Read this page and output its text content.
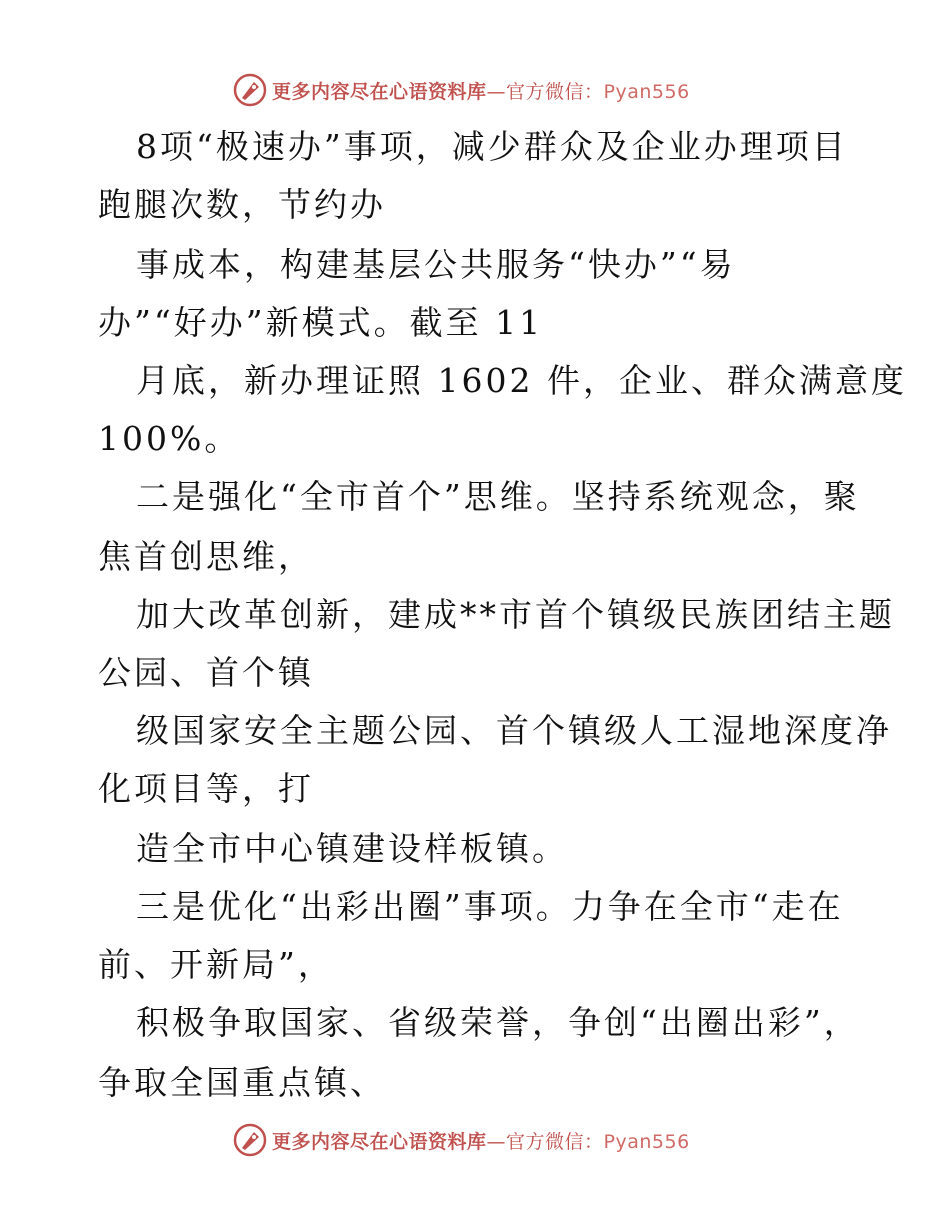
更多内容尽在心语资料库—官方微信：Pyan556
8项“极速办”事项，减少群众及企业办理项目
跑腿次数，节约办
事成本，构建基层公共服务“快办”“易
办”“好办”新模式。截至 11
月底，新办理证照 1602 件，企业、群众满意度
100%。
二是强化“全市首个”思维。坚持系统观念，聚
焦首创思维，
加大改革创新，建成**市首个镇级民族团结主题
公园、首个镇
级国家安全主题公园、首个镇级人工湿地深度净
化项目等，打
造全市中心镇建设样板镇。
三是优化“出彩出圈”事项。力争在全市“走在
前、开新局”，
积极争取国家、省级荣誉，争创“出圈出彩”，
争取全国重点镇、
更多内容尽在心语资料库—官方微信：Pyan556
